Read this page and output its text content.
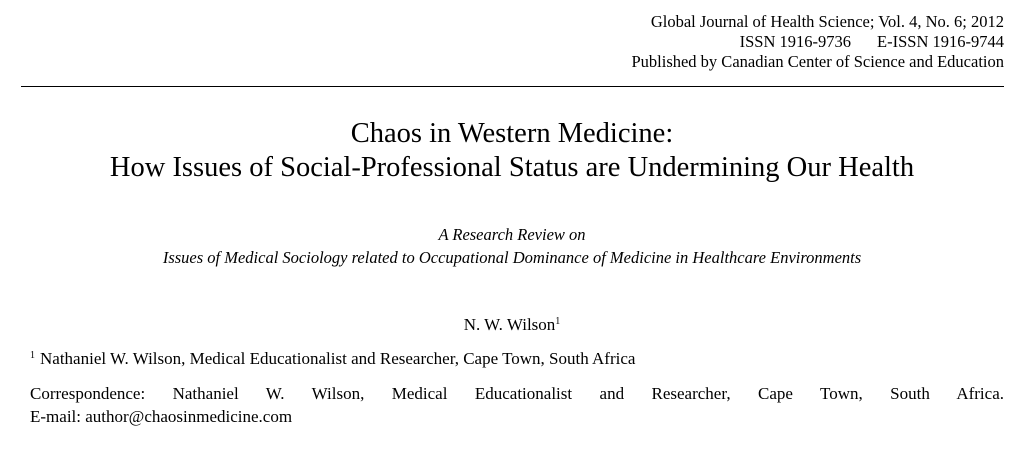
Global Journal of Health Science; Vol. 4, No. 6; 2012
ISSN 1916-9736 E-ISSN 1916-9744
Published by Canadian Center of Science and Education
Chaos in Western Medicine:
How Issues of Social-Professional Status are Undermining Our Health
A Research Review on
Issues of Medical Sociology related to Occupational Dominance of Medicine in Healthcare Environments
N. W. Wilson$^1$
$^1$ Nathaniel W. Wilson, Medical Educationalist and Researcher, Cape Town, South Africa
Correspondence: Nathaniel W. Wilson, Medical Educationalist and Researcher, Cape Town, South Africa.
E-mail: author@chaosinmedicine.com
